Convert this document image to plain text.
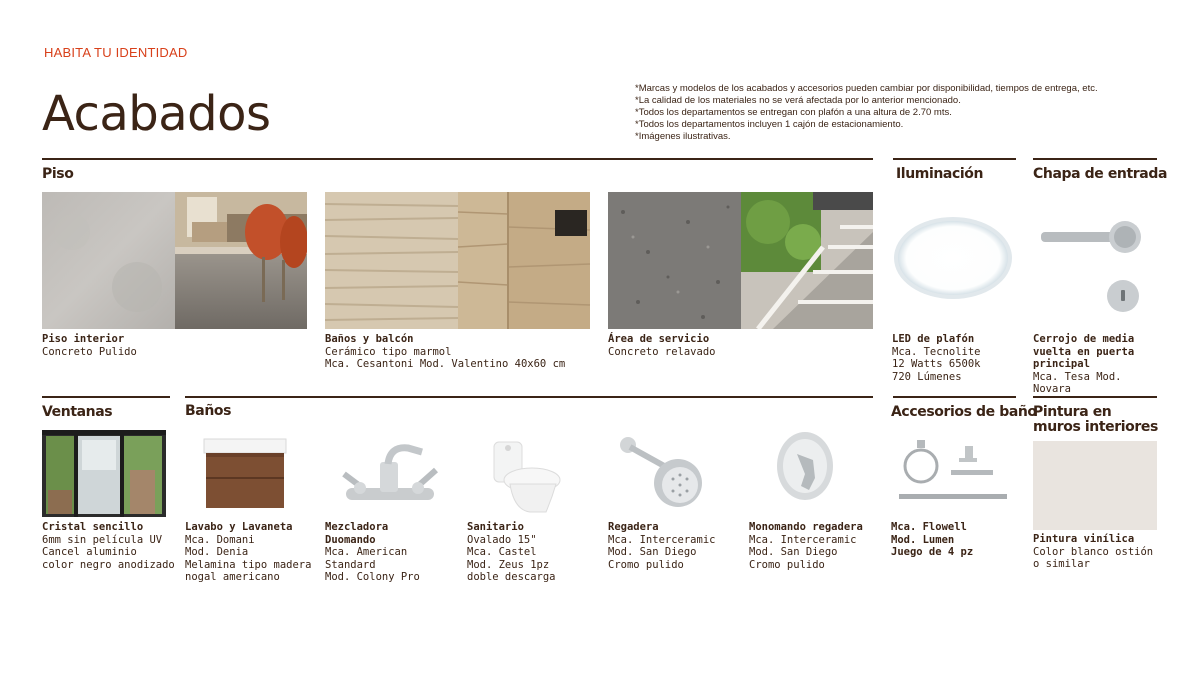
HABITA TU IDENTIDAD
Acabados	*Marcas y modelos de los acabados y accesorios pueden cambiar por disponibilidad, tiempos de entrega, etc.
*La calidad de los materiales no se verá afectada por lo anterior mencionado.
*Todos los departamentos se entregan con plafón a una altura de 2.70 mts.
*Todos los departamentos incluyen 1 cajón de estacionamiento.
*Imágenes ilustrativas.
Piso	Iluminación	Chapa de entrada
Ventanas	Baños	Accesorios de baño
Pintura en muros interiores
Piso interior
Concreto Pulido
Baños y balcón
Cerámico tipo marmol
Mca. Cesantoni Mod. Valentino 40x60 cm
Área de servicio
Concreto relavado
LED de plafón
Mca. Tecnolite
12 Watts 6500k
720 Lúmenes
Cerrojo de media vuelta en puerta principal
Mca. Tesa Mod. Novara
Cristal sencillo
6mm sin película UV
Cancel aluminio
color negro anodizado
Lavabo y Lavaneta
Mca. Domani
Mod. Denia
Melamina tipo madera
nogal americano
Mezcladora Duomando
Mca. American Standard
Mod. Colony Pro
Sanitario
Ovalado 15"
Mca. Castel
Mod. Zeus 1pz
doble descarga
Regadera
Mca. Interceramic
Mod. San Diego
Cromo pulido
Monomando regadera
Mca. Interceramic
Mod. San Diego
Cromo pulido
Mca. Flowell
Mod. Lumen
Juego de 4 pz
Pintura vinílica
Color blanco ostión
o similar
